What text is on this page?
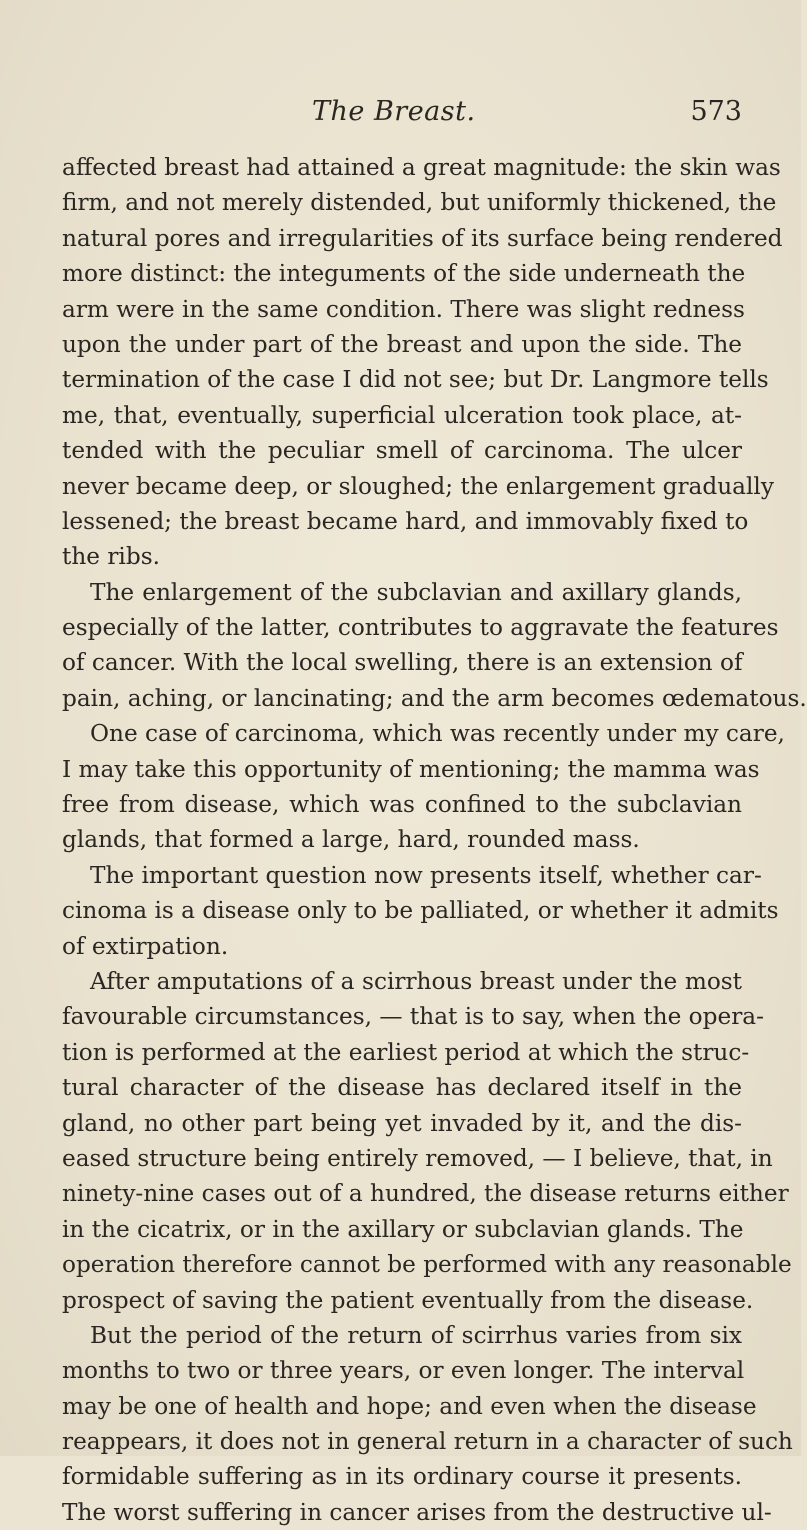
The Breast.	573
affected breast had attained a great magnitude: the skin was
firm, and not merely distended, but uniformly thickened, the
natural pores and irregularities of its surface being rendered
more distinct: the integuments of the side underneath the
arm were in the same condition. There was slight redness
upon the under part of the breast and upon the side. The
termination of the case I did not see; but Dr. Langmore tells
me, that, eventually, superficial ulceration took place, at-
tended with the peculiar smell of carcinoma. The ulcer
never became deep, or sloughed; the enlargement gradually
lessened; the breast became hard, and immovably fixed to
the ribs.
The enlargement of the subclavian and axillary glands,
especially of the latter, contributes to aggravate the features
of cancer. With the local swelling, there is an extension of
pain, aching, or lancinating; and the arm becomes œdematous.
One case of carcinoma, which was recently under my care,
I may take this opportunity of mentioning; the mamma was
free from disease, which was confined to the subclavian
glands, that formed a large, hard, rounded mass.
The important question now presents itself, whether car-
cinoma is a disease only to be palliated, or whether it admits
of extirpation.
After amputations of a scirrhous breast under the most
favourable circumstances, — that is to say, when the opera-
tion is performed at the earliest period at which the struc-
tural character of the disease has declared itself in the
gland, no other part being yet invaded by it, and the dis-
eased structure being entirely removed, — I believe, that, in
ninety-nine cases out of a hundred, the disease returns either
in the cicatrix, or in the axillary or subclavian glands. The
operation therefore cannot be performed with any reasonable
prospect of saving the patient eventually from the disease.
But the period of the return of scirrhus varies from six
months to two or three years, or even longer. The interval
may be one of health and hope; and even when the disease
reappears, it does not in general return in a character of such
formidable suffering as in its ordinary course it presents.
The worst suffering in cancer arises from the destructive ul-
